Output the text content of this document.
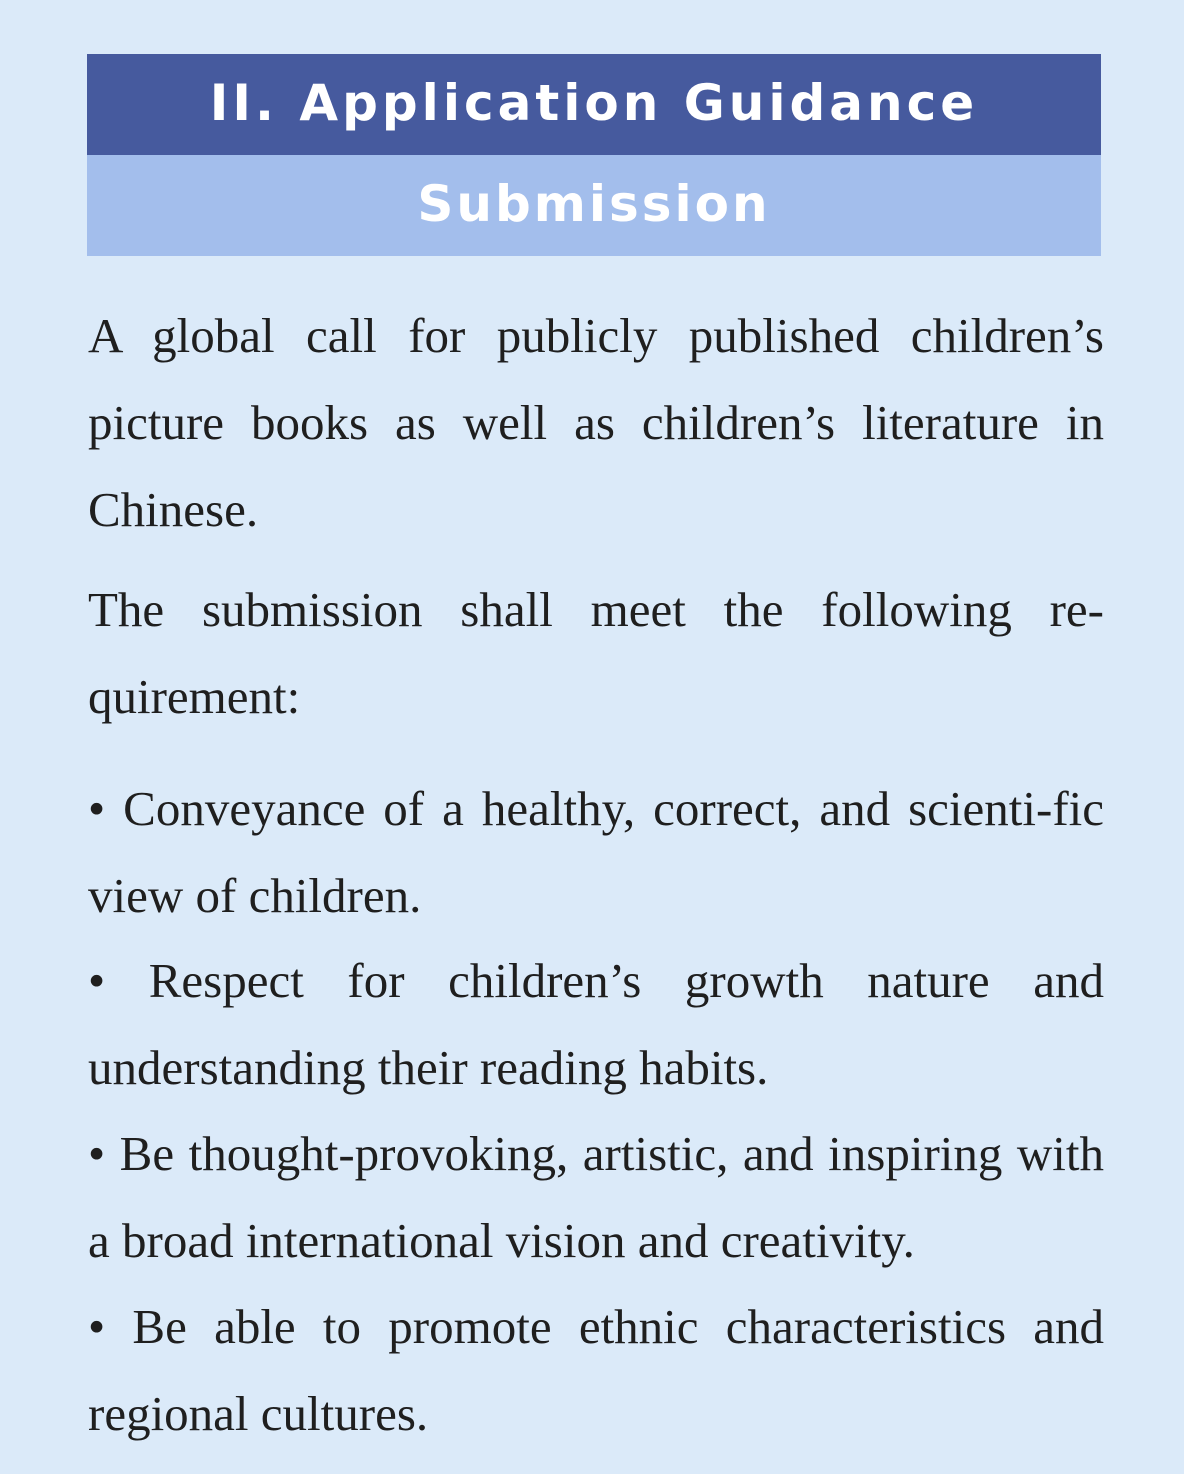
II. Application Guidance
Submission

A global call for publicly published children’s picture books as well as children’s literature in Chinese.

The submission shall meet the following re-quirement:

• Conveyance of a healthy, correct, and scienti-fic view of children.

• Respect for children’s growth nature and understanding their reading habits.

• Be thought-provoking, artistic, and inspiring with a broad international vision and creativity.

• Be able to promote ethnic characteristics and regional cultures.
